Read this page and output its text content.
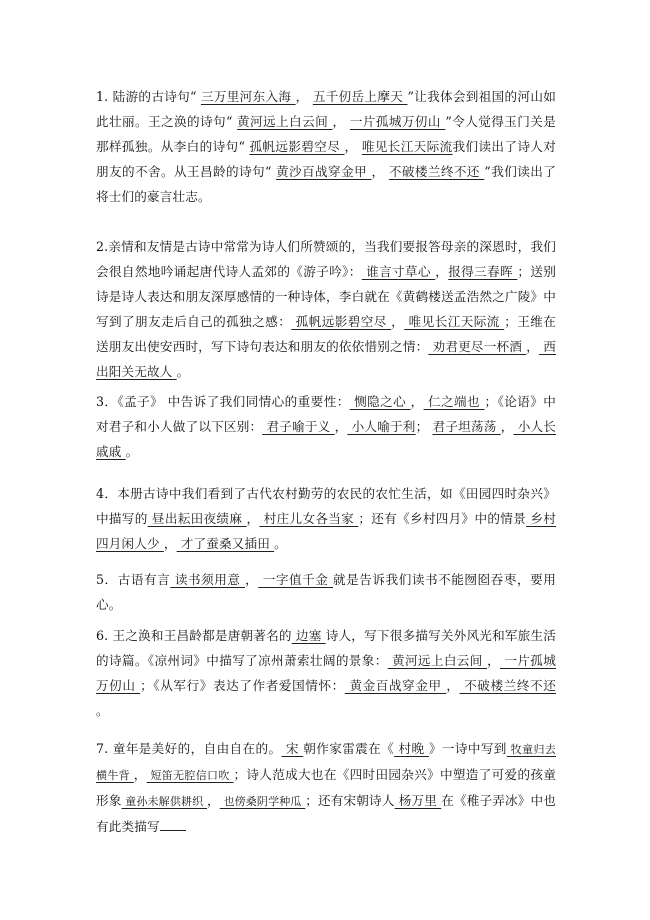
1. 陆游的古诗句“ 三万里河东入海 ， 五千仞岳上摩天 ”让我体会到祖国的河山如此壮丽。王之涣的诗句“ 黄河远上白云间 ， 一片孤城万仞山 ”令人觉得玉门关是那样孤独。从李白的诗句“ 孤帆远影碧空尽 ， 唯见长江天际流我们读出了诗人对朋友的不舍。从王昌龄的诗句“ 黄沙百战穿金甲 ， 不破楼兰终不还 ”我们读出了将士们的豪言壮志。
2.亲情和友情是古诗中常常为诗人们所赞颂的，当我们要报答母亲的深恩时，我们会很自然地吟诵起唐代诗人孟郊的《游子吟》： 谁言寸草心 ，报得三春晖 ；送别诗是诗人表达和朋友深厚感情的一种诗体，李白就在《黄鹤楼送孟浩然之广陵》中写到了朋友走后自己的孤独之感： 孤帆远影碧空尽 ， 唯见长江天际流 ；王维在送朋友出使安西时，写下诗句表达和朋友的依依惜别之情： 劝君更尽一杯酒 ， 西出阳关无故人 。
3．《孟子》 中告诉了我们同情心的重要性： 恻隐之心 ， 仁之端也 ；《论语》中对君子和小人做了以下区别： 君子喻于义 ， 小人喻于利； 君子坦荡荡 ， 小人长戚戚 。
4．本册古诗中我们看到了古代农村勤劳的农民的农忙生活，如《田园四时杂兴》中描写的 昼出耘田夜绩麻 ， 村庄儿女各当家 ；还有《乡村四月》中的情景 乡村四月闲人少 ， 才了蚕桑又插田 。
5．古语有言 读书须用意 ， 一字值千金 就是告诉我们读书不能囫囵吞枣，要用心。
6. 王之涣和王昌龄都是唐朝著名的 边塞 诗人，写下很多描写关外风光和军旅生活的诗篇。《凉州词》中描写了凉州萧索壮阔的景象： 黄河远上白云间 ， 一片孤城万仞山 ；《从军行》表达了作者爱国情怀： 黄金百战穿金甲 ， 不破楼兰终不还 。
7. 童年是美好的，自由自在的。 宋 朝作家雷震在《 村晚 》一诗中写到 牧童归去横牛背 ， 短笛无腔信口吹 ；诗人范成大也在《四时田园杂兴》中塑造了可爱的孩童形象 童孙未解供耕织 ， 也傍桑阴学种瓜 ；还有宋朝诗人 杨万里 在《稚子弄冰》中也有此类描写
